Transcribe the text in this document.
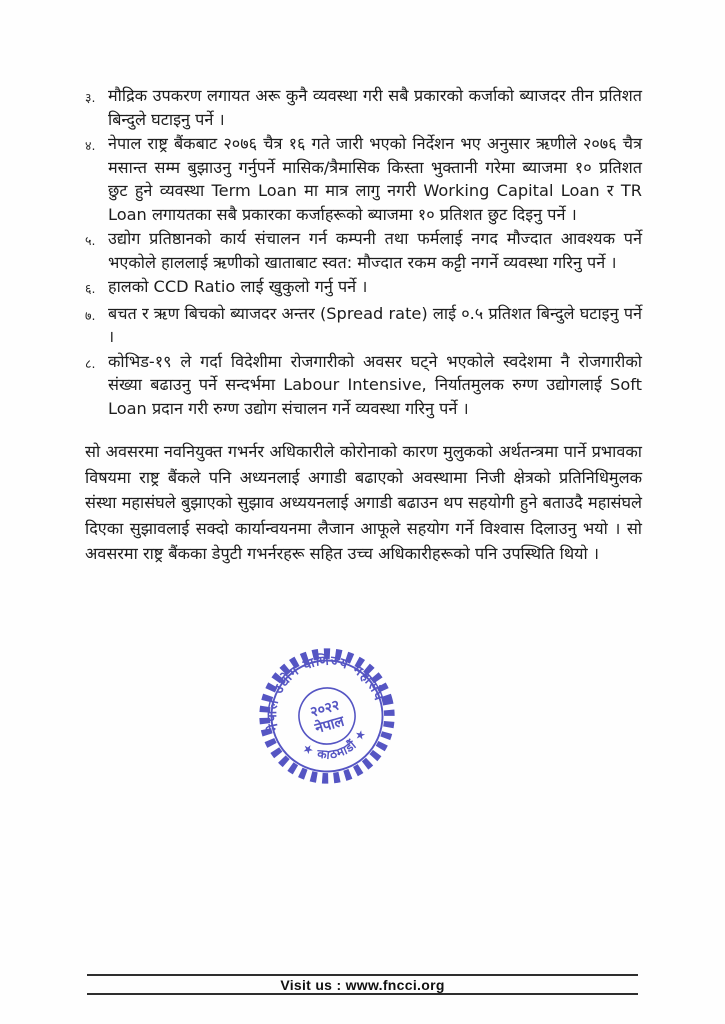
३. मौद्रिक उपकरण लगायत अरू कुनै व्यवस्था गरी सबै प्रकारको कर्जाको ब्याजदर तीन प्रतिशत बिन्दुले घटाइनु पर्ने ।
४. नेपाल राष्ट्र बैंकबाट २०७६ चैत्र १६ गते जारी भएको निर्देशन भए अनुसार ऋणीले २०७६ चैत्र मसान्त सम्म बुझाउनु गर्नुपर्ने मासिक/त्रैमासिक किस्ता भुक्तानी गरेमा ब्याजमा १० प्रतिशत छुट हुने व्यवस्था Term Loan मा मात्र लागु नगरी Working Capital Loan र TR Loan लगायतका सबै प्रकारका कर्जाहरूको ब्याजमा १० प्रतिशत छुट दिइनु पर्ने ।
५. उद्योग प्रतिष्ठानको कार्य संचालन गर्न कम्पनी तथा फर्मलाई नगद मौज्दात आवश्यक पर्ने भएकोले हाललाई ऋणीको खाताबाट स्वत: मौज्दात रकम कट्टी नगर्ने व्यवस्था गरिनु पर्ने ।
६. हालको CCD Ratio लाई खुकुलो गर्नु पर्ने ।
७. बचत र ऋण बिचको ब्याजदर अन्तर (Spread rate) लाई ०.५ प्रतिशत बिन्दुले घटाइनु पर्ने ।
८. कोभिड-१९ ले गर्दा विदेशीमा रोजगारीको अवसर घट्ने भएकोले स्वदेशमा नै रोजगारीको संख्या बढाउनु पर्ने सन्दर्भमा Labour Intensive, निर्यातमुलक रुग्ण उद्योगलाई Soft Loan प्रदान गरी रुग्ण उद्योग संचालन गर्ने व्यवस्था गरिनु पर्ने ।

सो अवसरमा नवनियुक्त गभर्नर अधिकारीले कोरोनाको कारण मुलुकको अर्थतन्त्रमा पार्ने प्रभावका विषयमा राष्ट्र बैंकले पनि अध्यनलाई अगाडी बढाएको अवस्थामा निजी क्षेत्रको प्रतिनिधिमुलक संस्था महासंघले बुझाएको सुझाव अध्ययनलाई अगाडी बढाउन थप सहयोगी हुने बताउदै महासंघले दिएका सुझावलाई सक्दो कार्यान्वयनमा लैजान आफूले सहयोग गर्ने विश्वास दिलाउनु भयो । सो अवसरमा राष्ट्र बैंकका डेपुटी गभर्नरहरू सहित उच्च अधिकारीहरूको पनि उपस्थिति थियो ।

नेपाल उद्योग वाणिज्य महासंघ
★ काठमाडौं ★
२०२२
नेपाल
Visit us : www.fncci.org
